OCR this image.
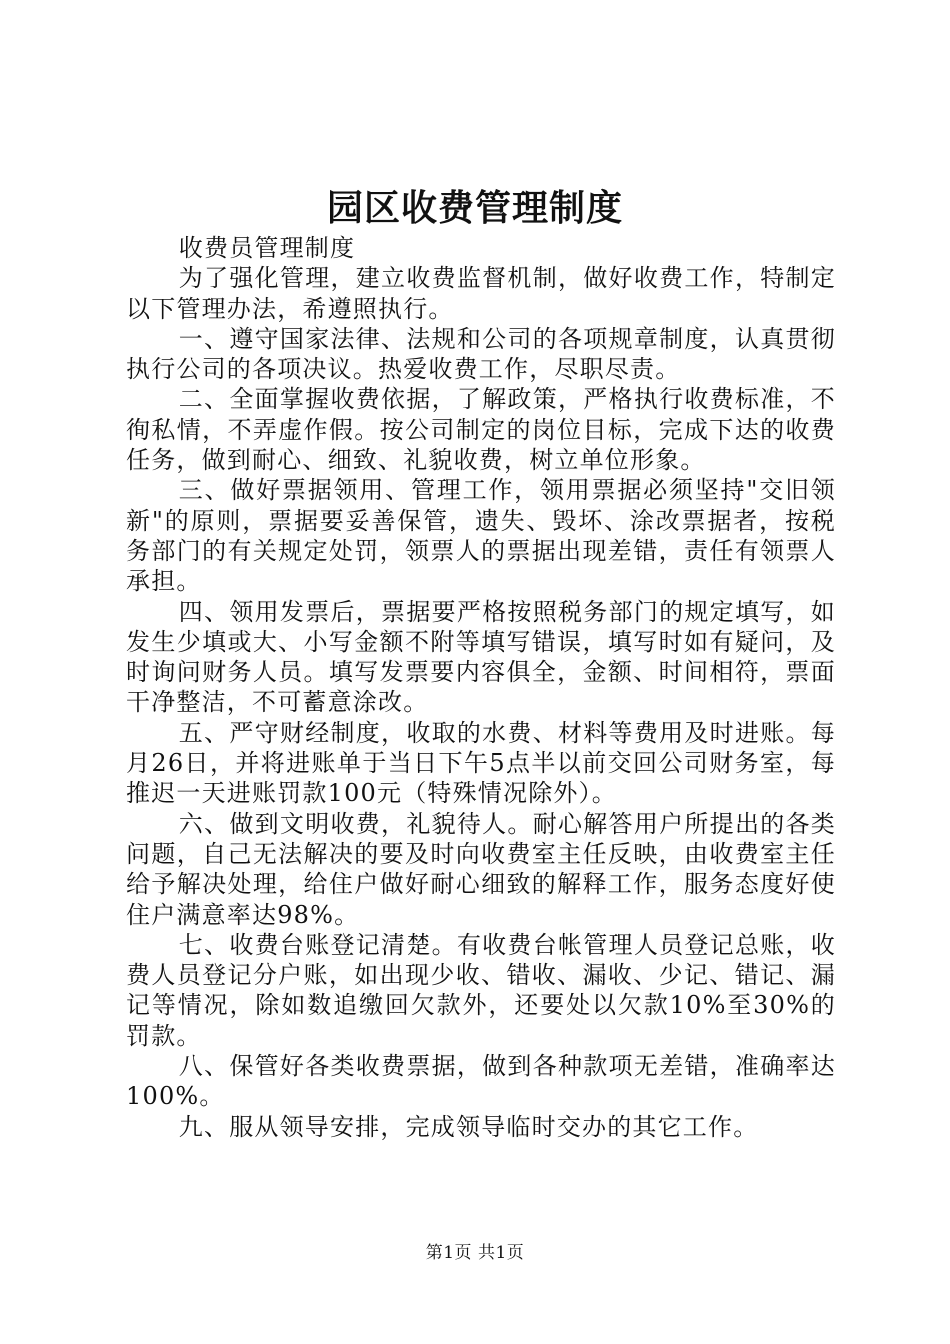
园区收费管理制度

收费员管理制度

为了强化管理，建立收费监督机制，做好收费工作，特制定以下管理办法，希遵照执行。

一、遵守国家法律、法规和公司的各项规章制度，认真贯彻执行公司的各项决议。热爱收费工作，尽职尽责。

二、全面掌握收费依据，了解政策，严格执行收费标准，不徇私情，不弄虚作假。按公司制定的岗位目标，完成下达的收费任务，做到耐心、细致、礼貌收费，树立单位形象。

三、做好票据领用、管理工作，领用票据必须坚持"交旧领新"的原则，票据要妥善保管，遗失、毁坏、涂改票据者，按税务部门的有关规定处罚，领票人的票据出现差错，责任有领票人承担。

四、领用发票后，票据要严格按照税务部门的规定填写，如发生少填或大、小写金额不附等填写错误，填写时如有疑问，及时询问财务人员。填写发票要内容俱全，金额、时间相符，票面干净整洁，不可蓄意涂改。

五、严守财经制度，收取的水费、材料等费用及时进账。每月26日，并将进账单于当日下午5点半以前交回公司财务室，每推迟一天进账罚款100元（特殊情况除外）。

六、做到文明收费，礼貌待人。耐心解答用户所提出的各类问题，自己无法解决的要及时向收费室主任反映，由收费室主任给予解决处理，给住户做好耐心细致的解释工作，服务态度好使住户满意率达98%。

七、收费台账登记清楚。有收费台帐管理人员登记总账，收费人员登记分户账，如出现少收、错收、漏收、少记、错记、漏记等情况，除如数追缴回欠款外，还要处以欠款10%至30%的罚款。

八、保管好各类收费票据，做到各种款项无差错，准确率达100%。

九、服从领导安排，完成领导临时交办的其它工作。

第1页 共1页
